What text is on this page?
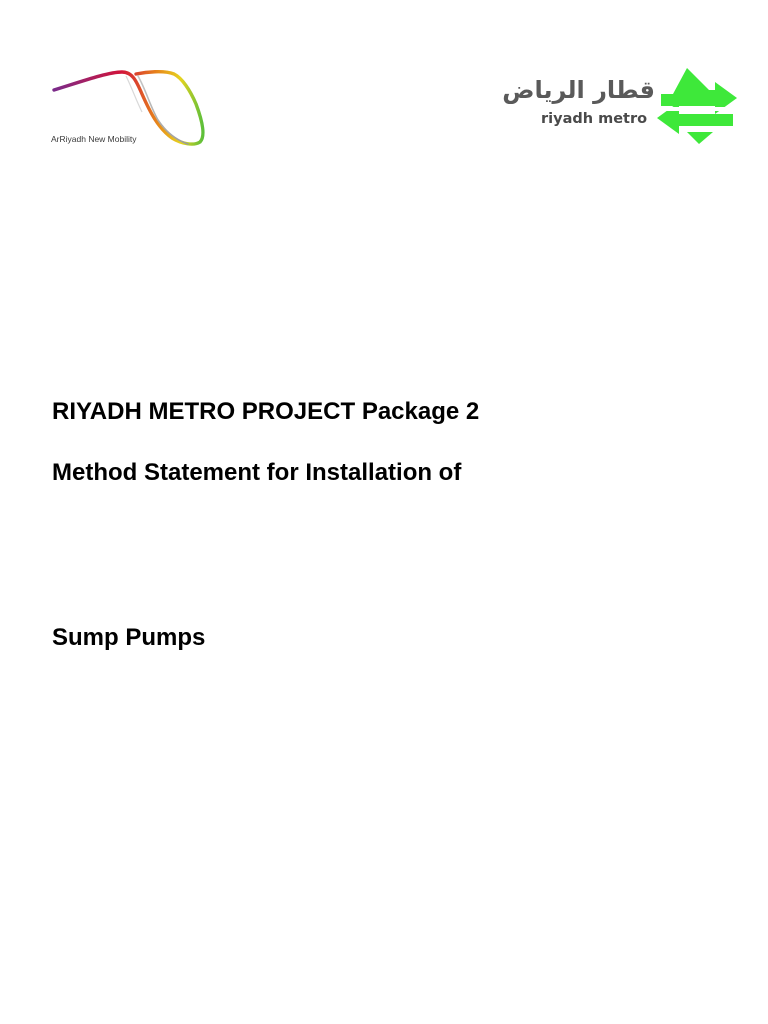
ArRiyadh New Mobility
قطار الرياض
riyadh metro
RIYADH METRO PROJECT Package 2
Method Statement for Installation of
Sump Pumps
